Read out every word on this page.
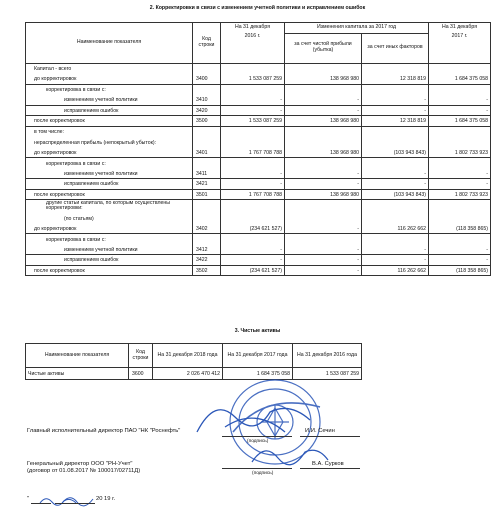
2. Корректировки в связи с изменением учетной политики и исправлением ошибок
Наименование показателя	Код строки	На 31 декабря	Изменения капитала за 2017 год		На 31 декабря
		2016 г.	за счет чистой прибыли (убытка)	за счет иных факторов	2017 г.

Капитал - всего					
до корректировок	3400	1 533 087 259	138 968 980	12 318 819	1 684 375 058
корректировка в связи с:					
изменением учетной политики	3410	-	-	-	-
исправлением ошибок	3420	-	-	-	-
после корректировок	3500	1 533 087 259	138 968 980	12 318 819	1 684 375 058
в том числе:					
нераспределенная прибыль (непокрытый убыток):					
до корректировок	3401	1 767 708 788	138 968 980	(103 943 843)	1 802 733 923
корректировка в связи с:					
изменением учетной политики	3411	-	-	-	-
исправлением ошибок	3421	-	-	-	-
после корректировок	3501	1 767 708 788	138 968 980	(103 943 843)	1 802 733 923
другие статьи капитала, по которым осуществлены корректировки:					
(по статьям)					
до корректировок	3402	(234 621 527)	-	116 262 662	(118 358 865)
корректировка в связи с:					
изменением учетной политики	3412	-	-	-	-
исправлением ошибок	3422	-	-	-	-
после корректировок	3502	(234 621 527)	-	116 262 662	(118 358 865)
3. Чистые активы
Наименование показателя	Код строки	На 31 декабря 2018 года	На 31 декабря 2017 года	На 31 декабря 2016 года
Чистые активы	3600	2 026 470 412	1 684 375 058	1 533 087 259
Главный исполнительный директор ПАО "НК "Роснефть"
(подпись)
И.И. Сечин
Генеральный директор ООО "РН-Учет"
(договор от 01.08.2017 № 100017/02711Д)	(подпись)
В.А. Сурков
"	20 19 г.
